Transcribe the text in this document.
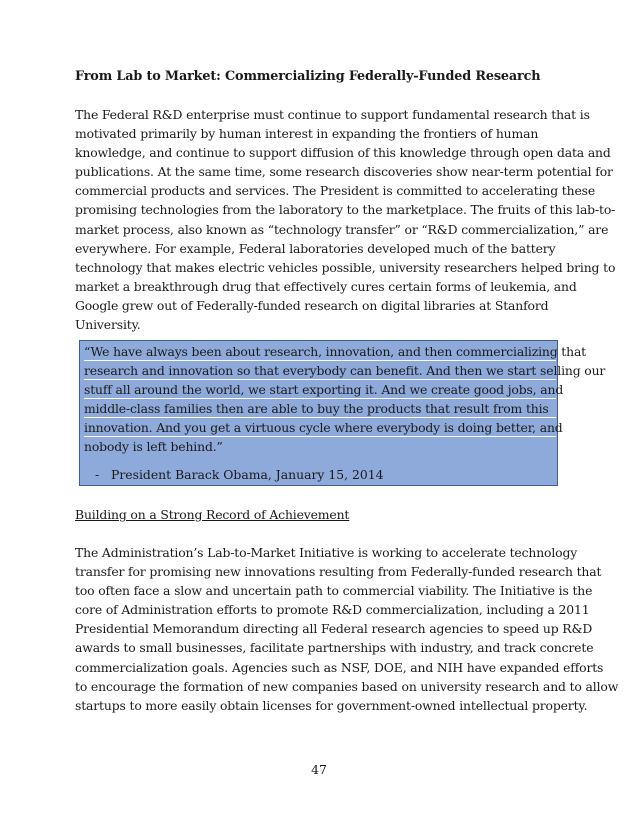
From Lab to Market: Commercializing Federally-Funded Research
The Federal R&D enterprise must continue to support fundamental research that is
motivated primarily by human interest in expanding the frontiers of human
knowledge, and continue to support diffusion of this knowledge through open data and
publications. At the same time, some research discoveries show near-term potential for
commercial products and services. The President is committed to accelerating these
promising technologies from the laboratory to the marketplace. The fruits of this lab-to-
market process, also known as “technology transfer” or “R&D commercialization,” are
everywhere. For example, Federal laboratories developed much of the battery
technology that makes electric vehicles possible, university researchers helped bring to
market a breakthrough drug that effectively cures certain forms of leukemia, and
Google grew out of Federally-funded research on digital libraries at Stanford
University.
“We have always been about research, innovation, and then commercializing that
research and innovation so that everybody can benefit. And then we start selling our
stuff all around the world, we start exporting it. And we create good jobs, and
middle-class families then are able to buy the products that result from this
innovation. And you get a virtuous cycle where everybody is doing better, and
nobody is left behind.”
- President Barack Obama, January 15, 2014
Building on a Strong Record of Achievement
The Administration’s Lab-to-Market Initiative is working to accelerate technology
transfer for promising new innovations resulting from Federally-funded research that
too often face a slow and uncertain path to commercial viability. The Initiative is the
core of Administration efforts to promote R&D commercialization, including a 2011
Presidential Memorandum directing all Federal research agencies to speed up R&D
awards to small businesses, facilitate partnerships with industry, and track concrete
commercialization goals. Agencies such as NSF, DOE, and NIH have expanded efforts
to encourage the formation of new companies based on university research and to allow
startups to more easily obtain licenses for government-owned intellectual property.
47
